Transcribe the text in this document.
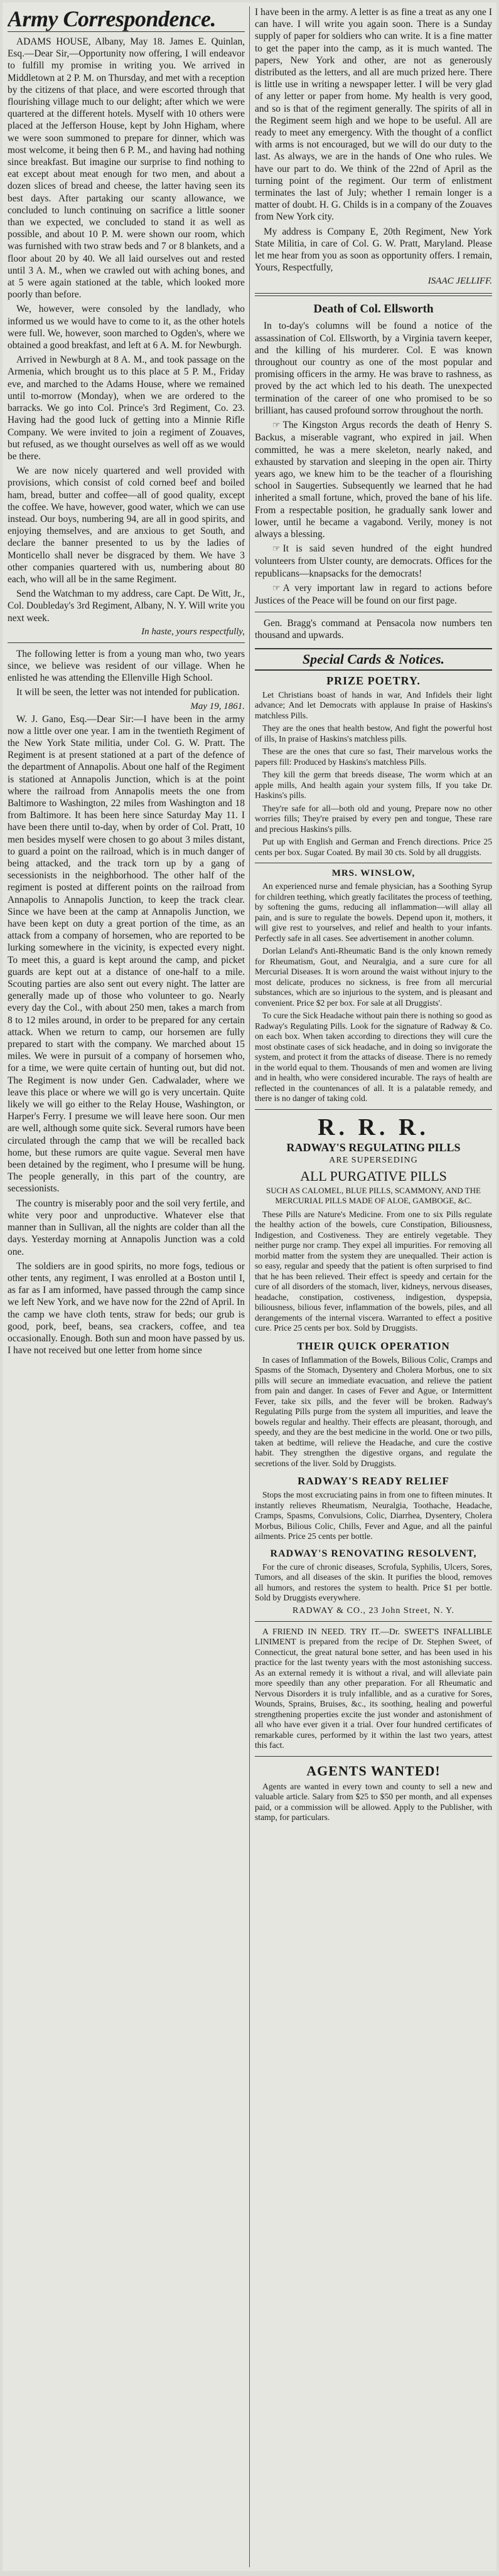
Army Correspondence.

ADAMS HOUSE, Albany, May 18. James E. Quinlan, Esq.—Dear Sir,—Opportunity now offering, I will endeavor to fulfill my promise in writing you. We arrived in Middletown at 2 P. M. on Thursday, and met with a reception by the citizens of that place, and were escorted through that flourishing village much to our delight; after which we were quartered at the different hotels. Myself with 10 others were placed at the Jefferson House, kept by John Higham, where we were soon summoned to prepare for dinner, which was most welcome, it being then 6 P. M., and having had nothing since breakfast. But imagine our surprise to find nothing to eat except about meat enough for two men, and about a dozen slices of bread and cheese, the latter having seen its best days. After partaking our scanty allowance, we concluded to lunch continuing on sacrifice a little sooner than we expected, we concluded to stand it as well as possible, and about 10 P. M. were shown our room, which was furnished with two straw beds and 7 or 8 blankets, and a floor about 20 by 40. We all laid ourselves out and rested until 3 A. M., when we crawled out with aching bones, and at 5 were again stationed at the table, which looked more poorly than before.

We, however, were consoled by the landlady, who informed us we would have to come to it, as the other hotels were full. We, however, soon marched to Ogden's, where we obtained a good breakfast, and left at 6 A. M. for Newburgh.

Arrived in Newburgh at 8 A. M., and took passage on the Armenia, which brought us to this place at 5 P. M., Friday eve, and marched to the Adams House, where we remained until to-morrow (Monday), when we are ordered to the barracks. We go into Col. Prince's 3rd Regiment, Co. 23. Having had the good luck of getting into a Minnie Rifle Company. We were invited to join a regiment of Zouaves, but refused, as we thought ourselves as well off as we would be there.

We are now nicely quartered and well provided with provisions, which consist of cold corned beef and boiled ham, bread, butter and coffee—all of good quality, except the coffee. We have, however, good water, which we can use instead. Our boys, numbering 94, are all in good spirits, and enjoying themselves, and are anxious to get South, and declare the banner presented to us by the ladies of Monticello shall never be disgraced by them. We have 3 other companies quartered with us, numbering about 80 each, who will all be in the same Regiment.

Send the Watchman to my address, care Capt. De Witt, Jr., Col. Doubleday's 3rd Regiment, Albany, N. Y. Will write you next week.

In haste, yours respectfully,

The following letter is from a young man who, two years since, we believe was resident of our village. When he enlisted he was attending the Ellenville High School.

It will be seen, the letter was not intended for publication.

May 19, 1861.

W. J. Gano, Esq.—Dear Sir:—I have been in the army now a little over one year. I am in the twentieth Regiment of the New York State militia, under Col. G. W. Pratt. The Regiment is at present stationed at a part of the defence of the department of Annapolis. About one half of the Regiment is stationed at Annapolis Junction, which is at the point where the railroad from Annapolis meets the one from Baltimore to Washington, 22 miles from Washington and 18 from Baltimore. It has been here since Saturday May 11. I have been there until to-day, when by order of Col. Pratt, 10 men besides myself were chosen to go about 3 miles distant, to guard a point on the railroad, which is in much danger of being attacked, and the track torn up by a gang of secessionists in the neighborhood. The other half of the regiment is posted at different points on the railroad from Annapolis to Annapolis Junction, to keep the track clear. Since we have been at the camp at Annapolis Junction, we have been kept on duty a great portion of the time, as an attack from a company of horsemen, who are reported to be lurking somewhere in the vicinity, is expected every night. To meet this, a guard is kept around the camp, and picket guards are kept out at a distance of one-half to a mile. Scouting parties are also sent out every night. The latter are generally made up of those who volunteer to go. Nearly every day the Col., with about 250 men, takes a march from 8 to 12 miles around, in order to be prepared for any certain attack. When we return to camp, our horsemen are fully prepared to start with the company. We marched about 15 miles. We were in pursuit of a company of horsemen who, for a time, we were quite certain of hunting out, but did not. The Regiment is now under Gen. Cadwalader, where we leave this place or where we will go is very uncertain. Quite likely we will go either to the Relay House, Washington, or Harper's Ferry. I presume we will leave here soon. Our men are well, although some quite sick. Several rumors have been circulated through the camp that we will be recalled back home, but these rumors are quite vague. Several men have been detained by the regiment, who I presume will be hung. The people generally, in this part of the country, are secessionists.

The country is miserably poor and the soil very fertile, and white very poor and unproductive. Whatever else that manner than in Sullivan, all the nights are colder than all the days. Yesterday morning at Annapolis Junction was a cold one.

The soldiers are in good spirits, no more fogs, tedious or other tents, any regiment, I was enrolled at a Boston until I, as far as I am informed, have passed through the camp since we left New York, and we have now for the 22nd of April. In the camp we have cloth tents, straw for beds; our grub is good, pork, beef, beans, sea crackers, coffee, and tea occasionally. Enough. Both sun and moon have passed by us. I have not received but one letter from home since

I have been in the army. A letter is as fine a treat as any one I can have. I will write you again soon. There is a Sunday supply of paper for soldiers who can write. It is a fine matter to get the paper into the camp, as it is much wanted. The papers, New York and other, are not as generously distributed as the letters, and all are much prized here. There is little use in writing a newspaper letter. I will be very glad of any letter or paper from home. My health is very good, and so is that of the regiment generally. The spirits of all in the Regiment seem high and we hope to be useful. All are ready to meet any emergency. With the thought of a conflict with arms is not encouraged, but we will do our duty to the last. As always, we are in the hands of One who rules. We have our part to do. We think of the 22nd of April as the turning point of the regiment. Our term of enlistment terminates the last of July; whether I remain longer is a matter of doubt. H. G. Childs is in a company of the Zouaves from New York city.

My address is Company E, 20th Regiment, New York State Militia, in care of Col. G. W. Pratt, Maryland. Please let me hear from you as soon as opportunity offers. I remain, Yours, Respectfully,

ISAAC JELLIFF.

Death of Col. Ellsworth

In to-day's columns will be found a notice of the assassination of Col. Ellsworth, by a Virginia tavern keeper, and the killing of his murderer. Col. E was known throughout our country as one of the most popular and promising officers in the army. He was brave to rashness, as proved by the act which led to his death. The unexpected termination of the career of one who promised to be so brilliant, has caused profound sorrow throughout the north.

☞ The Kingston Argus records the death of Henry S. Backus, a miserable vagrant, who expired in jail. When committed, he was a mere skeleton, nearly naked, and exhausted by starvation and sleeping in the open air. Thirty years ago, we knew him to be the teacher of a flourishing school in Saugerties. Subsequently we learned that he had inherited a small fortune, which, proved the bane of his life. From a respectable position, he gradually sank lower and lower, until he became a vagabond. Verily, money is not always a blessing.

☞ It is said seven hundred of the eight hundred volunteers from Ulster county, are democrats. Offices for the republicans—knapsacks for the democrats!

☞ A very important law in regard to actions before Justices of the Peace will be found on our first page.

Gen. Bragg's command at Pensacola now numbers ten thousand and upwards.

Special Cards & Notices.
PRIZE POETRY.

Let Christians boast of hands in war, And Infidels their light advance; And let Democrats with applause In praise of Haskins's matchless Pills.

They are the ones that health bestow, And fight the powerful host of ills, In praise of Haskins's matchless pills.

These are the ones that cure so fast, Their marvelous works the papers fill: Produced by Haskins's matchless Pills.

They kill the germ that breeds disease, The worm which at an apple mills, And health again your system fills, If you take Dr. Haskins's pills.

They're safe for all—both old and young, Prepare now no other worries fills; They're praised by every pen and tongue, These rare and precious Haskins's pills.

Put up with English and German and French directions. Price 25 cents per box. Sugar Coated. By mail 30 cts. Sold by all druggists.

MRS. WINSLOW,

An experienced nurse and female physician, has a Soothing Syrup for children teething, which greatly facilitates the process of teething, by softening the gums, reducing all inflammation—will allay all pain, and is sure to regulate the bowels. Depend upon it, mothers, it will give rest to yourselves, and relief and health to your infants. Perfectly safe in all cases. See advertisement in another column.

Dorlan Leland's Anti-Rheumatic Band is the only known remedy for Rheumatism, Gout, and Neuralgia, and a sure cure for all Mercurial Diseases. It is worn around the waist without injury to the most delicate, produces no sickness, is free from all mercurial substances, which are so injurious to the system, and is pleasant and convenient. Price $2 per box. For sale at all Druggists'.

To cure the Sick Headache without pain there is nothing so good as Radway's Regulating Pills. Look for the signature of Radway & Co. on each box. When taken according to directions they will cure the most obstinate cases of sick headache, and in doing so invigorate the system, and protect it from the attacks of disease. There is no remedy in the world equal to them. Thousands of men and women are living and in health, who were considered incurable. The rays of health are reflected in the countenances of all. It is a palatable remedy, and there is no danger of taking cold.

R. R. R.
RADWAY'S REGULATING PILLS
ARE SUPERSEDING
ALL PURGATIVE PILLS
SUCH AS CALOMEL, BLUE PILLS, SCAMMONY, AND THE MERCURIAL PILLS MADE OF ALOE, GAMBOGE, &C.

These Pills are Nature's Medicine. From one to six Pills regulate the healthy action of the bowels, cure Constipation, Biliousness, Indigestion, and Costiveness. They are entirely vegetable. They neither purge nor cramp. They expel all impurities. For removing all morbid matter from the system they are unequalled. Their action is so easy, regular and speedy that the patient is often surprised to find that he has been relieved. Their effect is speedy and certain for the cure of all disorders of the stomach, liver, kidneys, nervous diseases, headache, constipation, costiveness, indigestion, dyspepsia, biliousness, bilious fever, inflammation of the bowels, piles, and all derangements of the internal viscera. Warranted to effect a positive cure. Price 25 cents per box. Sold by Druggists.

THEIR QUICK OPERATION

In cases of Inflammation of the Bowels, Bilious Colic, Cramps and Spasms of the Stomach, Dysentery and Cholera Morbus, one to six pills will secure an immediate evacuation, and relieve the patient from pain and danger. In cases of Fever and Ague, or Intermittent Fever, take six pills, and the fever will be broken. Radway's Regulating Pills purge from the system all impurities, and leave the bowels regular and healthy. Their effects are pleasant, thorough, and speedy, and they are the best medicine in the world. One or two pills, taken at bedtime, will relieve the Headache, and cure the costive habit. They strengthen the digestive organs, and regulate the secretions of the liver. Sold by Druggists.

RADWAY'S READY RELIEF

Stops the most excruciating pains in from one to fifteen minutes. It instantly relieves Rheumatism, Neuralgia, Toothache, Headache, Cramps, Spasms, Convulsions, Colic, Diarrhea, Dysentery, Cholera Morbus, Bilious Colic, Chills, Fever and Ague, and all the painful ailments. Price 25 cents per bottle.

RADWAY'S RENOVATING RESOLVENT,

For the cure of chronic diseases, Scrofula, Syphilis, Ulcers, Sores, Tumors, and all diseases of the skin. It purifies the blood, removes all humors, and restores the system to health. Price $1 per bottle. Sold by Druggists everywhere.

RADWAY & CO., 23 John Street, N. Y.

A FRIEND IN NEED. TRY IT.—Dr. SWEET'S INFALLIBLE LINIMENT is prepared from the recipe of Dr. Stephen Sweet, of Connecticut, the great natural bone setter, and has been used in his practice for the last twenty years with the most astonishing success. As an external remedy it is without a rival, and will alleviate pain more speedily than any other preparation. For all Rheumatic and Nervous Disorders it is truly infallible, and as a curative for Sores, Wounds, Sprains, Bruises, &c., its soothing, healing and powerful strengthening properties excite the just wonder and astonishment of all who have ever given it a trial. Over four hundred certificates of remarkable cures, performed by it within the last two years, attest this fact.

AGENTS WANTED!

Agents are wanted in every town and county to sell a new and valuable article. Salary from $25 to $50 per month, and all expenses paid, or a commission will be allowed. Apply to the Publisher, with stamp, for particulars.
